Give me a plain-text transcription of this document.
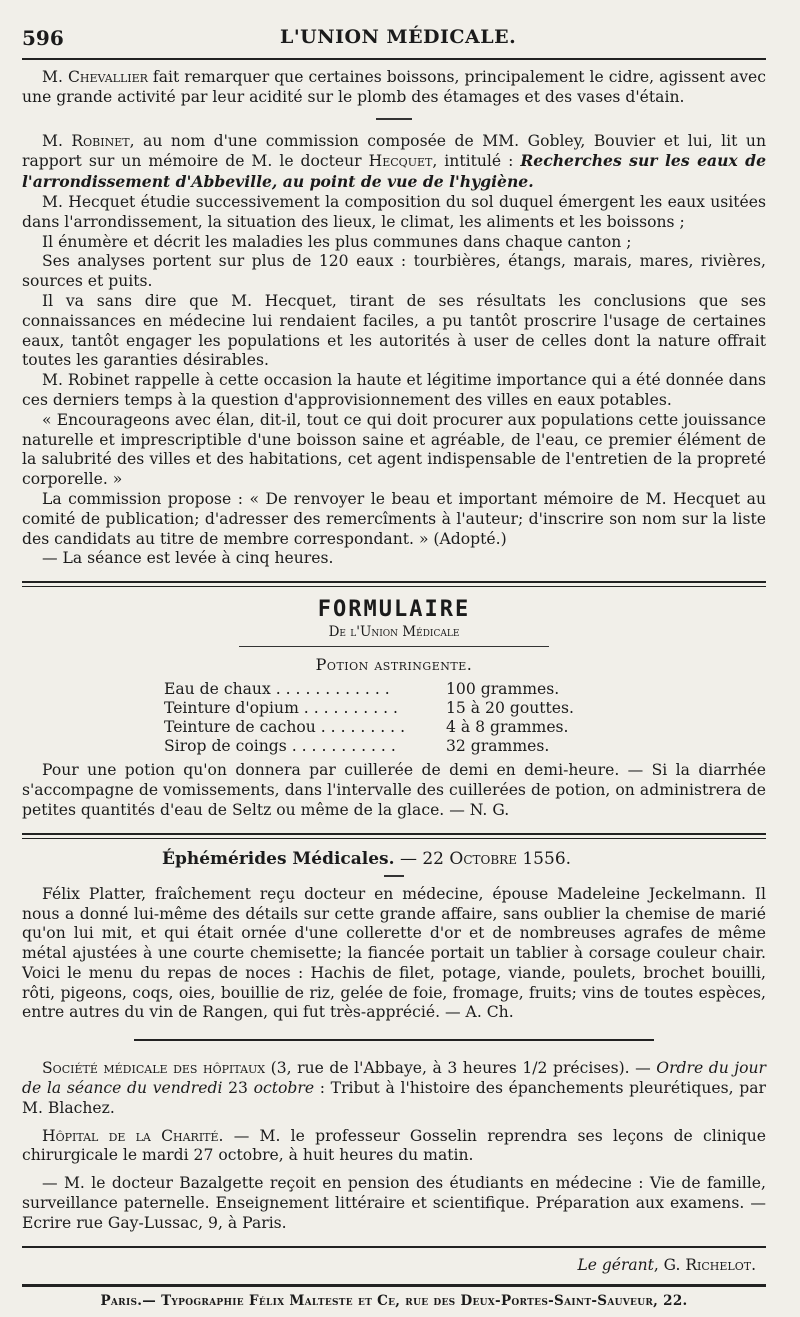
596	L'UNION MÉDICALE.

M. Chevallier fait remarquer que certaines boissons, principalement le cidre, agissent avec une grande activité par leur acidité sur le plomb des étamages et des vases d'étain.

M. Robinet, au nom d'une commission composée de MM. Gobley, Bouvier et lui, lit un rapport sur un mémoire de M. le docteur Hecquet, intitulé : Recherches sur les eaux de l'arrondissement d'Abbeville, au point de vue de l'hygiène.

M. Hecquet étudie successivement la composition du sol duquel émergent les eaux usitées dans l'arrondissement, la situation des lieux, le climat, les aliments et les boissons ;

Il énumère et décrit les maladies les plus communes dans chaque canton ;

Ses analyses portent sur plus de 120 eaux : tourbières, étangs, marais, mares, rivières, sources et puits.

Il va sans dire que M. Hecquet, tirant de ses résultats les conclusions que ses connaissances en médecine lui rendaient faciles, a pu tantôt proscrire l'usage de certaines eaux, tantôt engager les populations et les autorités à user de celles dont la nature offrait toutes les garanties désirables.

M. Robinet rappelle à cette occasion la haute et légitime importance qui a été donnée dans ces derniers temps à la question d'approvisionnement des villes en eaux potables.

« Encourageons avec élan, dit-il, tout ce qui doit procurer aux populations cette jouissance naturelle et imprescriptible d'une boisson saine et agréable, de l'eau, ce premier élément de la salubrité des villes et des habitations, cet agent indispensable de l'entretien de la propreté corporelle. »

La commission propose : « De renvoyer le beau et important mémoire de M. Hecquet au comité de publication; d'adresser des remercîments à l'auteur; d'inscrire son nom sur la liste des candidats au titre de membre correspondant. » (Adopté.)

— La séance est levée à cinq heures.

FORMULAIRE
De l'Union Médicale
Potion astringente.
Eau de chaux . . . . . . . . . . . .	100 grammes.
Teinture d'opium . . . . . . . . . .	15 à 20 gouttes.
Teinture de cachou . . . . . . . . .	4 à 8 grammes.
Sirop de coings . . . . . . . . . . .	32 grammes.

Pour une potion qu'on donnera par cuillerée de demi en demi-heure. — Si la diarrhée s'accompagne de vomissements, dans l'intervalle des cuillerées de potion, on administrera de petites quantités d'eau de Seltz ou même de la glace. — N. G.

Éphémérides Médicales. — 22 Octobre 1556.

Félix Platter, fraîchement reçu docteur en médecine, épouse Madeleine Jeckelmann. Il nous a donné lui-même des détails sur cette grande affaire, sans oublier la chemise de marié qu'on lui mit, et qui était ornée d'une collerette d'or et de nombreuses agrafes de même métal ajustées à une courte chemisette; la fiancée portait un tablier à corsage couleur chair. Voici le menu du repas de noces : Hachis de filet, potage, viande, poulets, brochet bouilli, rôti, pigeons, coqs, oies, bouillie de riz, gelée de foie, fromage, fruits; vins de toutes espèces, entre autres du vin de Rangen, qui fut très-apprécié. — A. Ch.

Société médicale des hôpitaux (3, rue de l'Abbaye, à 3 heures 1/2 précises). — Ordre du jour de la séance du vendredi 23 octobre : Tribut à l'histoire des épanchements pleurétiques, par M. Blachez.

Hôpital de la Charité. — M. le professeur Gosselin reprendra ses leçons de clinique chirurgicale le mardi 27 octobre, à huit heures du matin.

— M. le docteur Bazalgette reçoit en pension des étudiants en médecine : Vie de famille, surveillance paternelle. Enseignement littéraire et scientifique. Préparation aux examens. — Ecrire rue Gay-Lussac, 9, à Paris.

Le gérant, G. Richelot.
Paris.— Typographie Félix Malteste et Ce, rue des Deux-Portes-Saint-Sauveur, 22.
